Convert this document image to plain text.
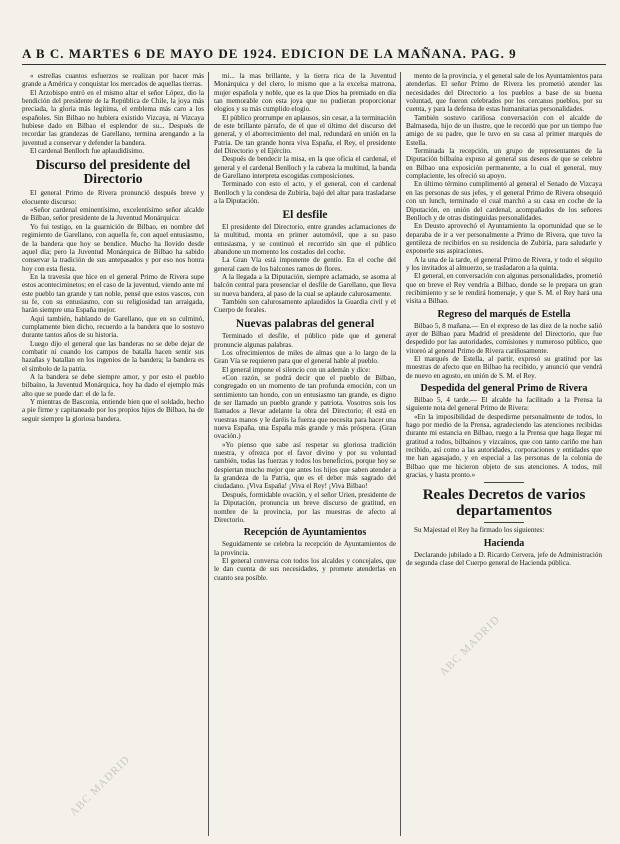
A B C. MARTES 6 DE MAYO DE 1924. EDICION DE LA MAÑANA. PAG. 9

« estrellas cuantos esfuerzos se realizan por hacer más grande a América y conquistar los mercados de aquellas tierras.

El Arzobispo entró en el mismo altar el señor López, dio la bendición del presidente de la República de Chile, la joya más preciada, la gloria más legítima, el emblema más caro a los españoles. Sin Bilbao no hubiera existido Vizcaya, ni Vizcaya hubiese dado en Bilbao el esplendor de su... Después de recordar las grandezas de Garellano, termina arengando a la juventud a conservar y defender la bandera.

El cardenal Benlloch fue aplaudidísimo.

Discurso del presidente del Directorio

El general Primo de Rivera pronunció después breve y elocuente discurso:

«Señor cardenal eminentísimo, excelentísimo señor alcalde de Bilbao, señor presidente de la Juventud Monárquica:

Yo fui testigo, en la guarnición de Bilbao, en nombre del regimiento de Garellano, con aquella fe, con aquel entusiasmo, de la bandera que hoy se bendice. Mucho ha llovido desde aquel día; pero la Juventud Monárquica de Bilbao ha sabido conservar la tradición de sus antepasados y por eso nos honra hoy con esta fiesta.

En la travesía que hice en el general Primo de Rivera supe estos aconteciminetos; en el caso de la juventud, viendo ante mí este pueblo tan grande y tan noble, pensé que estos vascos, con su fe, con su entusiasmo, con su religiosidad tan arraigada, harán siempre una España mejor.

Aquí también, hablando de Garellano, que en su culminó, cumplamente bien dicho, recuerdo a la bandera que lo sostuvo durante tantos años de su historia.

Luego dijo el general que las banderas no se debe dejar de combatir ni cuando los campos de batalla hacen sentir sus hazañas y batallan en los ingenios de la bandera; la bandera es el símbolo de la patria.

A la bandera se debe siempre amor, y por esto el pueblo bilbaíno, la Juventud Monárquica, hoy ha dado el ejemplo más alto que se puede dar: el de la fe.

Y mientras de Basconia, entiende bien que el soldado, hecho a pie firme y capitaneado por los propios hijos de Bilbao, ha de seguir siempre la gloriosa bandera.

mi... la mas brillante, y la tierra rica de la Juventud Monárquica y del clero, lo mismo que a la excelsa matrona, mujer española y noble, que es la que Dios ha premiado en día tan memorable con esta joya que no pudieran proporcionar elogios y su más cumplido elogio.

El público prorrumpe en aplausos, sin cesar, a la terminación de este brillante párrafo, de el que el último del discurso del general, y el aborrecimiento del mal, redundará en unión en la Patria. De tan grande honra viva España, el Rey, el presidente del Directorio y el Ejército.

Después de bendecir la misa, en la que oficia el cardenal, el general y el cardenal Benlloch y la cabeza la multitud, la banda de Garellano interpreta escogidas composiciones.

Terminado con esto el acto, y el general, con el cardenal Benlloch y la condesa de Zubiría, bajó del altar para trasladarse a la Diputación.

El desfile

El presidente del Directorio, entre grandes aclamaciones de la multitud, monta en primer automóvil, que a su paso entusiasma, y se continuó el recorrido sin que el público abandone un momento los costados del coche.

La Gran Vía está imponente de gentío. En el coche del general caen de los balcones ramos de flores.

A la llegada a la Diputación, siempre aclamado, se asoma al balcón central para presenciar el desfile de Garellano, que lleva su nueva bandera, al paso de la cual se aplaude calurosamente.

También son calurosamente aplaudidos la Guardia civil y el Cuerpo de forales.

Nuevas palabras del general

Terminado el desfile, el público pide que el general pronuncie algunas palabras.

Los ofrecimientos de miles de almas que a lo largo de la Gran Vía se requieren para que el general hable al pueblo.

El general impone el silencio con un ademán y dice:

«Con razón, se podrá decir que el pueblo de Bilbao, congregado en un momento de tan profunda emoción, con un sentimiento tan hondo, con un entusiasmo tan grande, es digno de ser llamado un pueblo grande y patriota. Vosotros sois los llamados a llevar adelante la obra del Directorio; él está en vuestras manos y le daréis la fuerza que necesita para hacer una nueva España, una España más grande y más próspera. (Gran ovación.)

»Yo pienso que sabe así respetar su gloriosa tradición nuestra, y ofrezca por el favor divino y por su voluntad también, todas las fuerzas y todos los beneficios, porque hoy se despiertan mucho mejor que antes los hijos que saben atender a la grandeza de la Patria, que es el deber más sagrado del ciudadano. ¡Viva España! ¡Viva el Rey! ¡Viva Bilbao!

Después, formidable ovación, y el señor Urien, presidente de la Diputación, pronuncia un breve discurso de gratitud, en nombre de la provincia, por las muestras de afecto al Directorio.

Recepción de Ayuntamientos

Seguidamente se celebra la recepción de Ayuntamientos de la provincia.

El general conversa con todos los alcaldes y concejales, que le dan cuenta de sus necesidades, y promete atenderlas en cuanto sea posible.

mento de la provincia, y el general sale de los Ayuntamientos para atenderlas. El señor Primo de Rivera les prometió atender las necesidades del Directorio a los pueblos a base de su buena voluntad, que fueron celebrados por los cercanos pueblos, por su cuenta, y para la defensa de estas humanitarias personalidades.

También sostuvo cariñosa conversación con el alcalde de Balmaseda, hijo de un ilustre, que le recordó que por un tiempo fue amigo de su padre, que le tuvo en su casa al primer marqués de Estella.

Terminada la recepción, un grupo de representantes de la Diputación bilbaína expuso al general sus deseos de que se celebre en Bilbao una exposición permanente, a lo cual el general, muy complaciente, les ofreció su apoyo.

En último término cumplimentó al general el Senado de Vizcaya en las personas de sus jefes, y el general Primo de Rivera obsequió con un lunch, terminado el cual marchó a su casa en coche de la Diputación, en unión del cardenal, acompañados de los señores Benlloch y de otras distinguidas personalidades.

En Deusto aprovechó el Ayuntamiento la oportunidad que se le deparaba de ir a ver personalmente a Primo de Rivera, que tuvo la gentileza de recibirlos en su residencia de Zubiría, para saludarle y exponerle sus aspiraciones.

A la una de la tarde, el general Primo de Rivera, y todo el séquito y los invitados al almuerzo, se trasladaron a la quinta.

El general, en conversación con algunas personalidades, prometió que en breve el Rey vendría a Bilbao, donde se le prepara un gran recibimiento y se le rendirá homenaje, y que S. M. el Rey hará una visita a Bilbao.

Regreso del marqués de Estella

Bilbao 5, 8 mañana.— En el expreso de las diez de la noche salió ayer de Bilbao para Madrid el presidente del Directorio, que fue despedido por las autoridades, comisiones y numeroso público, que vitoreó al general Primo de Rivera cariñosamente.

El marqués de Estella, al partir, expresó su gratitud por las muestras de afecto que en Bilbao ha recibido, y anunció que vendrá de nuevo en agosto, en unión de S. M. el Rey.

Despedida del general Primo de Rivera

Bilbao 5, 4 tarde.— El alcalde ha facilitado a la Prensa la siguiente nota del general Primo de Rivera:

«En la imposibilidad de despedirme personalmente de todos, lo hago por medio de la Prensa, agradeciendo las atenciones recibidas durante mi estancia en Bilbao, ruego a la Prensa que haga llegar mi gratitud a todos, bilbaínos y vizcaínos, que con tanto cariño me han recibido, así como a las autoridades, corporaciones y entidades que me han agasajado, y en especial a las personas de la colonia de Bilbao que me hicieron objeto de sus atenciones. A todos, mil gracias, y hasta pronto.»

Reales Decretos de varios departamentos

Su Majestad el Rey ha firmado los siguientes:

Hacienda

Declarando jubilado a D. Ricardo Cervera, jefe de Administración de segunda clase del Cuerpo general de Hacienda pública.

ABC MADRID
ABC MADRID
